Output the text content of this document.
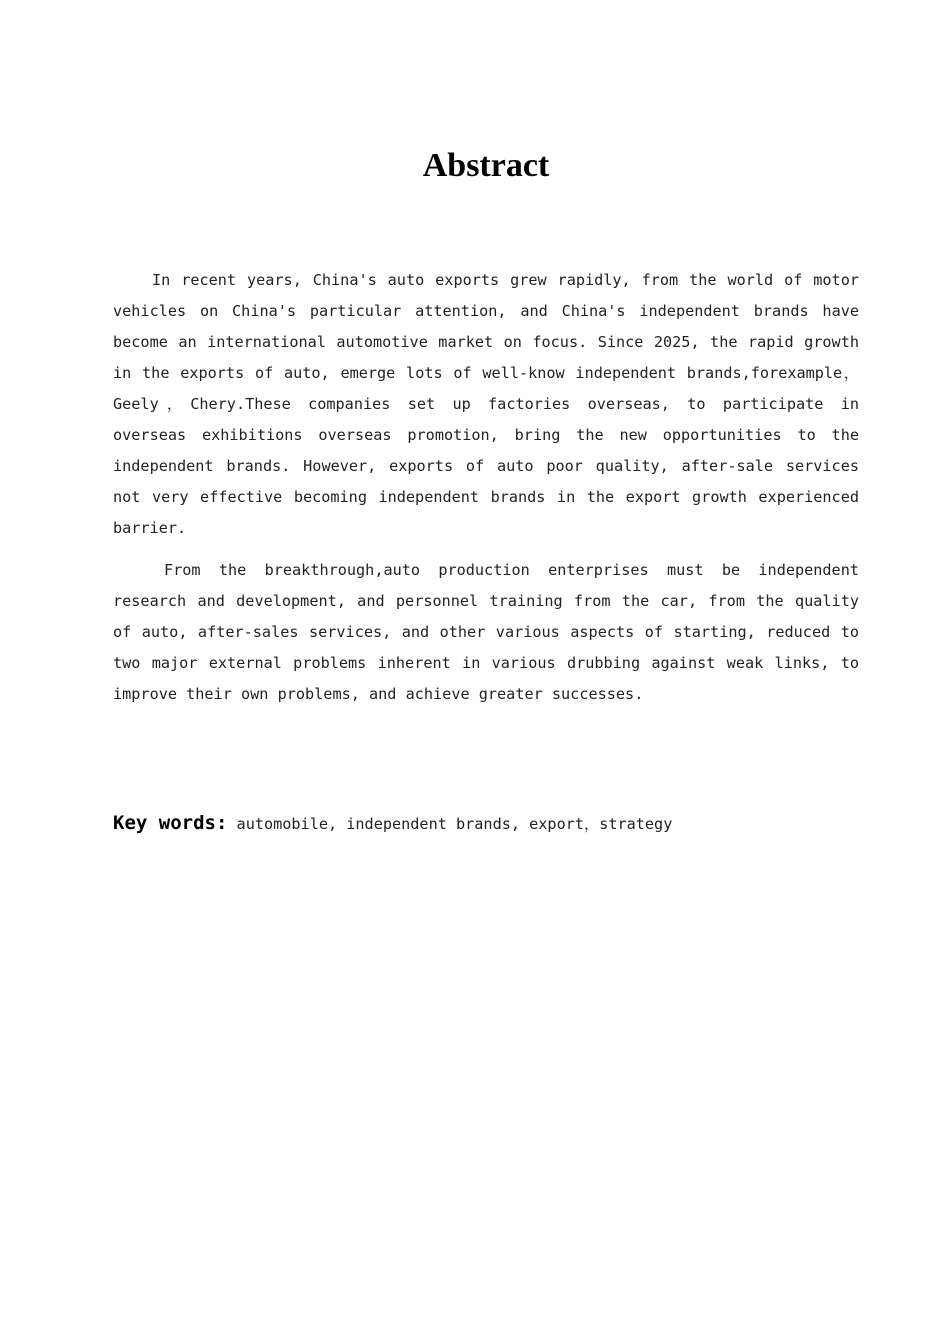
Abstract

In recent years, China's auto exports grew rapidly, from the world of motor vehicles on China's particular attention, and China's independent brands have become an international automotive market on focus. Since 2025, the rapid growth in the exports of auto, emerge lots of well-know independent brands,forexample，Geely，Chery.These companies set up factories overseas, to participate in overseas exhibitions overseas promotion, bring the new opportunities to the independent brands. However, exports of auto poor quality, after-sale services not very effective becoming independent brands in the export growth experienced barrier.

From the breakthrough,auto production enterprises must be independent research and development, and personnel training from the car, from the quality of auto, after-sales services, and other various aspects of starting, reduced to two major external problems inherent in various drubbing against weak links, to improve their own problems, and achieve greater successes.

Key words: automobile, independent brands, export，strategy
